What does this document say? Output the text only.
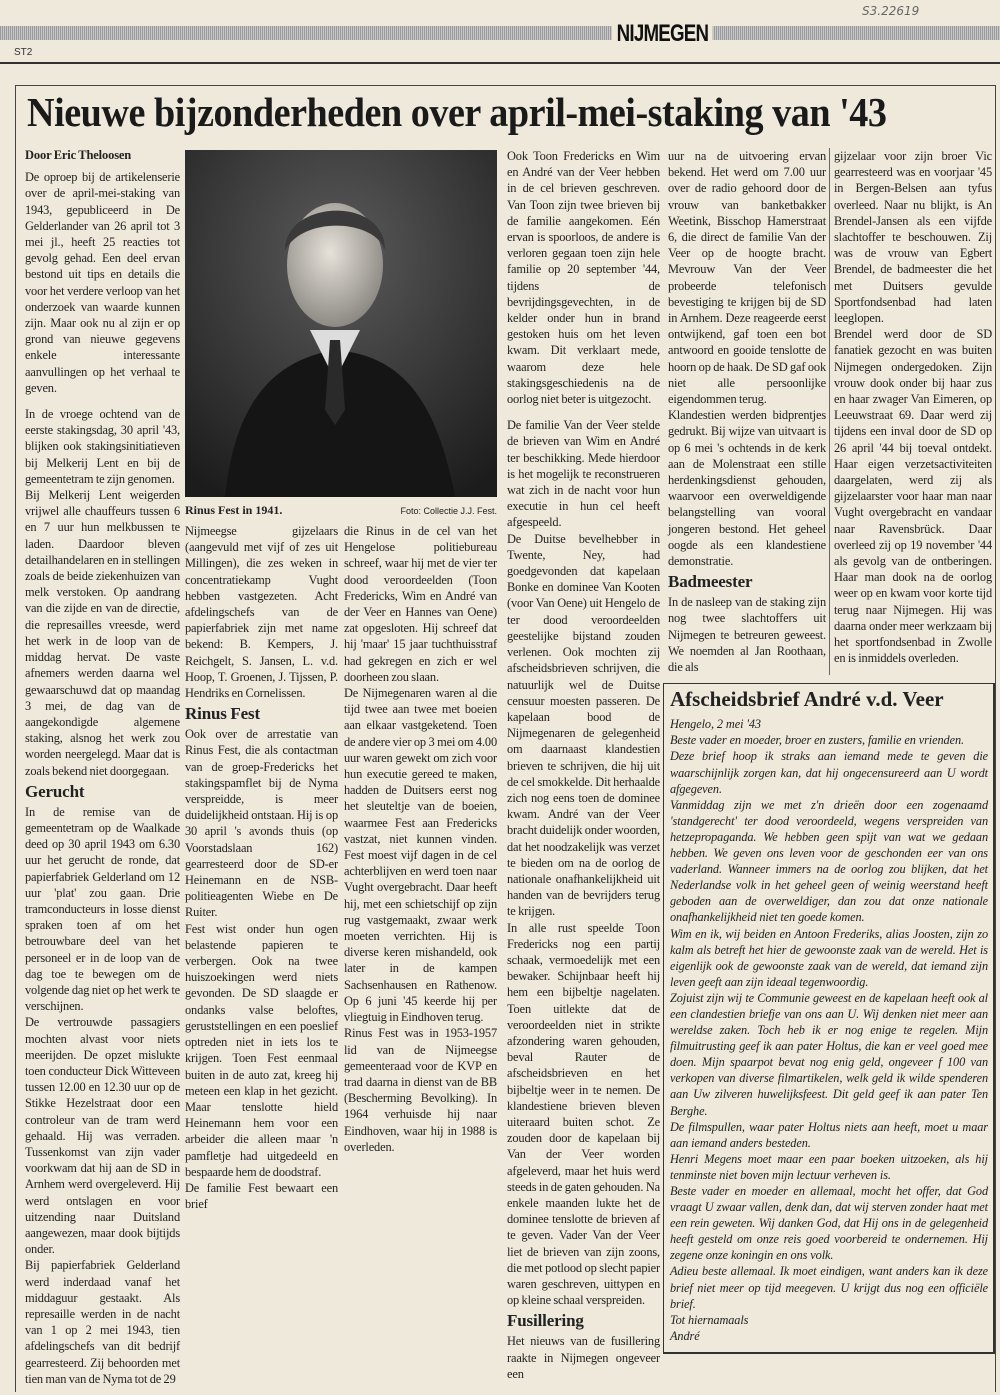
NIJMEGEN
S3.22619
ST2
Nieuwe bijzonderheden over april-mei-staking van '43

Door Eric Theloosen

De oproep bij de artikelenserie over de april-mei-staking van 1943, gepubliceerd in De Gelderlander van 26 april tot 3 mei jl., heeft 25 reacties tot gevolg gehad. Een deel ervan bestond uit tips en details die voor het verdere verloop van het onderzoek van waarde kunnen zijn. Maar ook nu al zijn er op grond van nieuwe gegevens enkele interessante aanvullingen op het verhaal te geven.

In de vroege ochtend van de eerste stakingsdag, 30 april '43, blijken ook stakingsinitiatieven bij Melkerij Lent en bij de gemeentetram te zijn genomen.

Bij Melkerij Lent weigerden vrijwel alle chauffeurs tussen 6 en 7 uur hun melkbussen te laden. Daardoor bleven detailhandelaren en in stellingen zoals de beide ziekenhuizen van melk verstoken. Op aandrang van die zijde en van de directie, die represailles vreesde, werd het werk in de loop van de middag hervat. De vaste afnemers werden daarna wel gewaarschuwd dat op maandag 3 mei, de dag van de aangekondigde algemene staking, alsnog het werk zou worden neergelegd. Maar dat is zoals bekend niet doorgegaan.

Gerucht

In de remise van de gemeentetram op de Waalkade deed op 30 april 1943 om 6.30 uur het gerucht de ronde, dat papierfabriek Gelderland om 12 uur 'plat' zou gaan. Drie tramconducteurs in losse dienst spraken toen af om het betrouwbare deel van het personeel er in de loop van de dag toe te bewegen om de volgende dag niet op het werk te verschijnen.

De vertrouwde passagiers mochten alvast voor niets meerijden. De opzet mislukte toen conducteur Dick Witteveen tussen 12.00 en 12.30 uur op de Stikke Hezelstraat door een controleur van de tram werd gehaald. Hij was verraden. Tussenkomst van zijn vader voorkwam dat hij aan de SD in Arnhem werd overgeleverd. Hij werd ontslagen en voor uitzending naar Duitsland aangewezen, maar dook bijtijds onder.

Bij papierfabriek Gelderland werd inderdaad vanaf het middaguur gestaakt. Als represaille werden in de nacht van 1 op 2 mei 1943, tien afdelingschefs van dit bedrijf gearresteerd. Zij behoorden met tien man van de Nyma tot de 29

Rinus Fest in 1941.	Foto: Collectie J.J. Fest.

Nijmeegse gijzelaars (aangevuld met vijf of zes uit Millingen), die zes weken in concentratiekamp Vught hebben vastgezeten. Acht afdelingschefs van de papierfabriek zijn met name bekend: B. Kempers, J. Reichgelt, S. Jansen, L. v.d. Hoop, T. Groenen, J. Tijssen, P. Hendriks en Cornelissen.

Rinus Fest

Ook over de arrestatie van Rinus Fest, die als contactman van de groep-Fredericks het stakingspamflet bij de Nyma verspreidde, is meer duidelijkheid ontstaan. Hij is op 30 april 's avonds thuis (op Voorstadslaan 162) gearresteerd door de SD-er Heinemann en de NSB-politieagenten Wiebe en De Ruiter.

Fest wist onder hun ogen belastende papieren te verbergen. Ook na twee huiszoekingen werd niets gevonden. De SD slaagde er ondanks valse beloftes, geruststellingen en een poeslief optreden niet in iets los te krijgen. Toen Fest eenmaal buiten in de auto zat, kreeg hij meteen een klap in het gezicht. Maar tenslotte hield Heinemann hem voor een arbeider die alleen maar 'n pamfletje had uitgedeeld en bespaarde hem de doodstraf.

De familie Fest bewaart een brief

die Rinus in de cel van het Hengelose politiebureau schreef, waar hij met de vier ter dood veroordeelden (Toon Fredericks, Wim en André van der Veer en Hannes van Oene) zat opgesloten. Hij schreef dat hij 'maar' 15 jaar tuchthuisstraf had gekregen en zich er wel doorheen zou slaan.

De Nijmegenaren waren al die tijd twee aan twee met boeien aan elkaar vastgeketend. Toen de andere vier op 3 mei om 4.00 uur waren gewekt om zich voor hun executie gereed te maken, hadden de Duitsers eerst nog het sleuteltje van de boeien, waarmee Fest aan Fredericks vastzat, niet kunnen vinden. Fest moest vijf dagen in de cel achterblijven en werd toen naar Vught overgebracht. Daar heeft hij, met een schietschijf op zijn rug vastgemaakt, zwaar werk moeten verrichten. Hij is diverse keren mishandeld, ook later in de kampen Sachsenhausen en Rathenow. Op 6 juni '45 keerde hij per vliegtuig in Eindhoven terug.

Rinus Fest was in 1953-1957 lid van de Nijmeegse gemeenteraad voor de KVP en trad daarna in dienst van de BB (Bescherming Bevolking). In 1964 verhuisde hij naar Eindhoven, waar hij in 1988 is overleden.

Ook Toon Fredericks en Wim en André van der Veer hebben in de cel brieven geschreven. Van Toon zijn twee brieven bij de familie aangekomen. Eén ervan is spoorloos, de andere is verloren gegaan toen zijn hele familie op 20 september '44, tijdens de bevrijdingsgevechten, in de kelder onder hun in brand gestoken huis om het leven kwam. Dit verklaart mede, waarom deze hele stakingsgeschiedenis na de oorlog niet beter is uitgezocht.

De familie Van der Veer stelde de brieven van Wim en André ter beschikking. Mede hierdoor is het mogelijk te reconstrueren wat zich in de nacht voor hun executie in hun cel heeft afgespeeld.

De Duitse bevelhebber in Twente, Ney, had goedgevonden dat kapelaan Bonke en dominee Van Kooten (voor Van Oene) uit Hengelo de ter dood veroordeelden geestelijke bijstand zouden verlenen. Ook mochten zij afscheidsbrieven schrijven, die natuurlijk wel de Duitse censuur moesten passeren. De kapelaan bood de Nijmegenaren de gelegenheid om daarnaast klandestien brieven te schrijven, die hij uit de cel smokkelde. Dit herhaalde zich nog eens toen de dominee kwam. André van der Veer bracht duidelijk onder woorden, dat het noodzakelijk was verzet te bieden om na de oorlog de nationale onafhankelijkheid uit handen van de bevrijders terug te krijgen.

In alle rust speelde Toon Fredericks nog een partij schaak, vermoedelijk met een bewaker. Schijnbaar heeft hij hem een bijbeltje nagelaten. Toen uitlekte dat de veroordeelden niet in strikte afzondering waren gehouden, beval Rauter de afscheidsbrieven en het bijbeltje weer in te nemen. De klandestiene brieven bleven uiteraard buiten schot. Ze zouden door de kapelaan bij Van der Veer worden afgeleverd, maar het huis werd steeds in de gaten gehouden. Na enkele maanden lukte het de dominee tenslotte de brieven af te geven. Vader Van der Veer liet de brieven van zijn zoons, die met potlood op slecht papier waren geschreven, uittypen en op kleine schaal verspreiden.

Fusillering

Het nieuws van de fusillering raakte in Nijmegen ongeveer een

uur na de uitvoering ervan bekend. Het werd om 7.00 uur over de radio gehoord door de vrouw van banketbakker Weetink, Bisschop Hamerstraat 6, die direct de familie Van der Veer op de hoogte bracht. Mevrouw Van der Veer probeerde telefonisch bevestiging te krijgen bij de SD in Arnhem. Deze reageerde eerst ontwijkend, gaf toen een bot antwoord en gooide tenslotte de hoorn op de haak. De SD gaf ook niet alle persoonlijke eigendommen terug.

Klandestien werden bidprentjes gedrukt. Bij wijze van uitvaart is op 6 mei 's ochtends in de kerk aan de Molenstraat een stille herdenkingsdienst gehouden, waarvoor een overweldigende belangstelling van vooral jongeren bestond. Het geheel oogde als een klandestiene demonstratie.

Badmeester

In de nasleep van de staking zijn nog twee slachtoffers uit Nijmegen te betreuren geweest. We noemden al Jan Roothaan, die als

gijzelaar voor zijn broer Vic gearresteerd was en voorjaar '45 in Bergen-Belsen aan tyfus overleed. Naar nu blijkt, is An Brendel-Jansen als een vijfde slachtoffer te beschouwen. Zij was de vrouw van Egbert Brendel, de badmeester die het met Duitsers gevulde Sportfondsenbad had laten leeglopen.

Brendel werd door de SD fanatiek gezocht en was buiten Nijmegen ondergedoken. Zijn vrouw dook onder bij haar zus en haar zwager Van Eimeren, op Leeuwstraat 69. Daar werd zij tijdens een inval door de SD op 26 april '44 bij toeval ontdekt. Haar eigen verzetsactiviteiten daargelaten, werd zij als gijzelaarster voor haar man naar Vught overgebracht en vandaar naar Ravensbrück. Daar overleed zij op 19 november '44 als gevolg van de ontberingen. Haar man dook na de oorlog weer op en kwam voor korte tijd terug naar Nijmegen. Hij was daarna onder meer werkzaam bij het sportfondsenbad in Zwolle en is inmiddels overleden.

Afscheidsbrief André v.d. Veer

Hengelo, 2 mei '43

Beste vader en moeder, broer en zusters, familie en vrienden.

Deze brief hoop ik straks aan iemand mede te geven die waarschijnlijk zorgen kan, dat hij ongecensureerd aan U wordt afgegeven.

Vanmiddag zijn we met z'n drieën door een zogenaamd 'standgerecht' ter dood veroordeeld, wegens verspreiden van hetzepropaganda. We hebben geen spijt van wat we gedaan hebben. We geven ons leven voor de geschonden eer van ons vaderland. Wanneer immers na de oorlog zou blijken, dat het Nederlandse volk in het geheel geen of weinig weerstand heeft geboden aan de overweldiger, dan zou dat onze nationale onafhankelijkheid niet ten goede komen.

Wim en ik, wij beiden en Antoon Frederiks, alias Joosten, zijn zo kalm als betreft het hier de gewoonste zaak van de wereld. Het is eigenlijk ook de gewoonste zaak van de wereld, dat iemand zijn leven geeft aan zijn ideaal tegenwoordig.

Zojuist zijn wij te Communie geweest en de kapelaan heeft ook al een clandestien briefje van ons aan U. Wij denken niet meer aan wereldse zaken. Toch heb ik er nog enige te regelen. Mijn filmuitrusting geef ik aan pater Holtus, die kan er veel goed mee doen. Mijn spaarpot bevat nog enig geld, ongeveer f 100 van verkopen van diverse filmartikelen, welk geld ik wilde spenderen aan Uw zilveren huwelijksfeest. Dit geld geef ik aan pater Ten Berghe.

De filmspullen, waar pater Holtus niets aan heeft, moet u maar aan iemand anders besteden.

Henri Megens moet maar een paar boeken uitzoeken, als hij tenminste niet boven mijn lectuur verheven is.

Beste vader en moeder en allemaal, mocht het offer, dat God vraagt U zwaar vallen, denk dan, dat wij sterven zonder haat met een rein geweten. Wij danken God, dat Hij ons in de gelegenheid heeft gesteld om onze reis goed voorbereid te ondernemen. Hij zegene onze koningin en ons volk.

Adieu beste allemaal. Ik moet eindigen, want anders kan ik deze brief niet meer op tijd meegeven. U krijgt dus nog een officiële brief.

Tot hiernamaals

André
